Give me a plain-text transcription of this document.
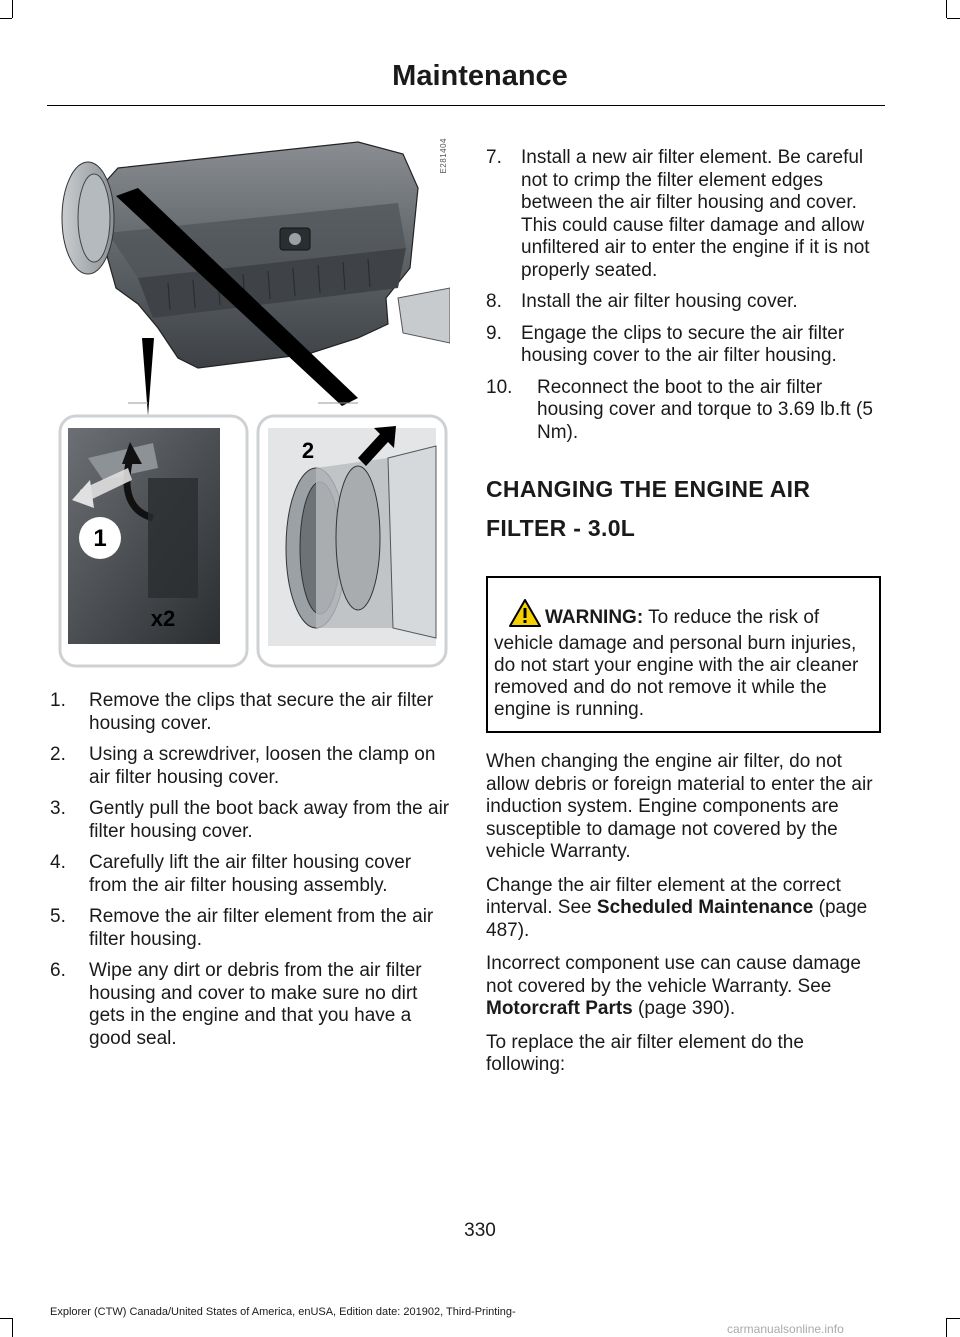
Maintenance
1
x2
2
E281404
1. Remove the clips that secure the air filter housing cover.
2. Using a screwdriver, loosen the clamp on air filter housing cover.
3. Gently pull the boot back away from the air filter housing cover.
4. Carefully lift the air filter housing cover from the air filter housing assembly.
5. Remove the air filter element from the air filter housing.
6. Wipe any dirt or debris from the air filter housing and cover to make sure no dirt gets in the engine and that you have a good seal.
7. Install a new air filter element. Be careful not to crimp the filter element edges between the air filter housing and cover. This could cause filter damage and allow unfiltered air to enter the engine if it is not properly seated.
8. Install the air filter housing cover.
9. Engage the clips to secure the air filter housing cover to the air filter housing.
10. Reconnect the boot to the air filter housing cover and torque to 3.69 lb.ft (5 Nm).
CHANGING THE ENGINE AIR
FILTER - 3.0L
WARNING: To reduce the risk of vehicle damage and personal burn injuries, do not start your engine with the air cleaner removed and do not remove it while the engine is running.

When changing the engine air filter, do not allow debris or foreign material to enter the air induction system. Engine components are susceptible to damage not covered by the vehicle Warranty.

Change the air filter element at the correct interval. See Scheduled Maintenance (page 487).

Incorrect component use can cause damage not covered by the vehicle Warranty. See Motorcraft Parts (page 390).

To replace the air filter element do the following:

330
Explorer (CTW) Canada/United States of America, enUSA, Edition date: 201902, Third-Printing-
carmanualsonline.info
